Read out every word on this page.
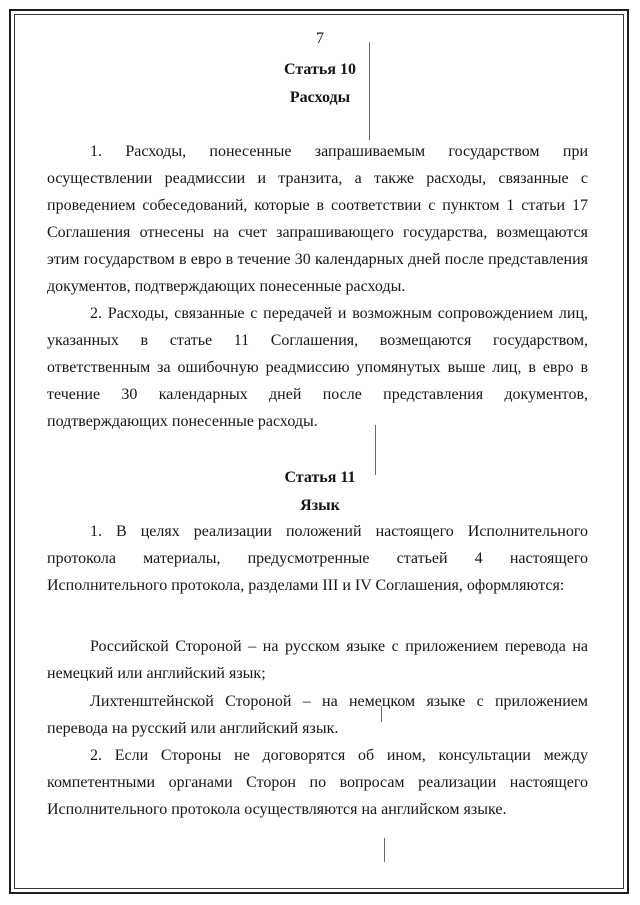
7
Статья 10
Расходы

1. Расходы, понесенные запрашиваемым государством при осуществлении реадмиссии и транзита, а также расходы, связанные с проведением собеседований, которые в соответствии с пунктом 1 статьи 17 Соглашения отнесены на счет запрашивающего государства, возмещаются этим государством в евро в течение 30 календарных дней после представления документов, подтверждающих понесенные расходы.

2. Расходы, связанные с передачей и возможным сопровождением лиц, указанных в статье 11 Соглашения, возмещаются государством, ответственным за ошибочную реадмиссию упомянутых выше лиц, в евро в течение 30 календарных дней после представления документов, подтверждающих понесенные расходы.

Статья 11
Язык

1. В целях реализации положений настоящего Исполнительного протокола материалы, предусмотренные статьей 4 настоящего Исполнительного протокола, разделами III и IV Соглашения, оформляются:

Российской Стороной – на русском языке с приложением перевода на немецкий или английский язык;

Лихтенштейнской Стороной – на немецком языке с приложением перевода на русский или английский язык.

2. Если Стороны не договорятся об ином, консультации между компетентными органами Сторон по вопросам реализации настоящего Исполнительного протокола осуществляются на английском языке.
